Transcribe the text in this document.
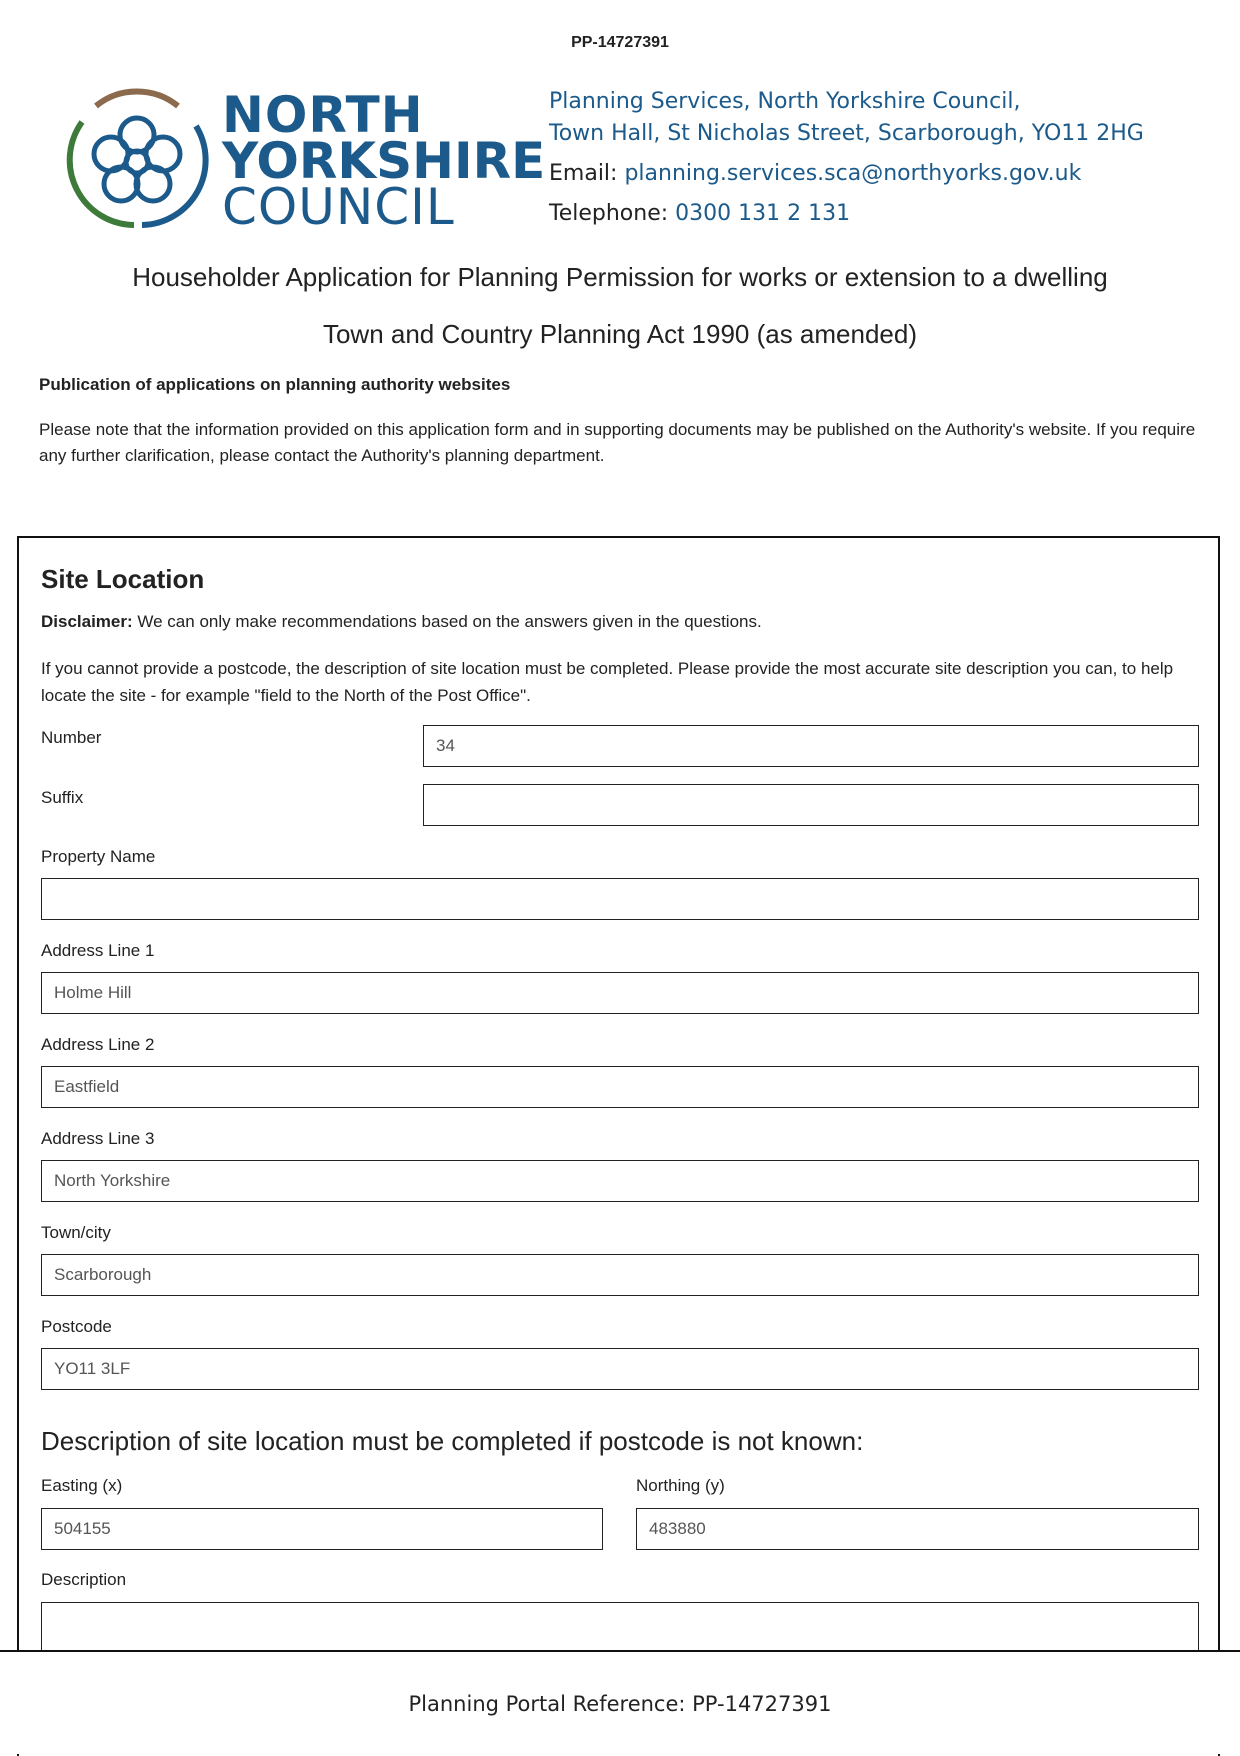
PP-14727391
NORTH
YORKSHIRE
COUNCIL
Planning Services, North Yorkshire Council,
Town Hall, St Nicholas Street, Scarborough, YO11 2HG
Email: planning.services.sca@northyorks.gov.uk
Telephone: 0300 131 2 131
Householder Application for Planning Permission for works or extension to a dwelling
Town and Country Planning Act 1990 (as amended)
Publication of applications on planning authority websites
Please note that the information provided on this application form and in supporting documents may be published on the Authority's website. If you require any further clarification, please contact the Authority's planning department.
Site Location
Disclaimer: We can only make recommendations based on the answers given in the questions.
If you cannot provide a postcode, the description of site location must be completed. Please provide the most accurate site description you can, to help locate the site - for example "field to the North of the Post Office".
Number
34
Suffix
Property Name
Address Line 1
Holme Hill
Address Line 2
Eastfield
Address Line 3
North Yorkshire
Town/city
Scarborough
Postcode
YO11 3LF
Description of site location must be completed if postcode is not known:
Easting (x)
504155	Northing (y)
483880
Description
Planning Portal Reference: PP-14727391
